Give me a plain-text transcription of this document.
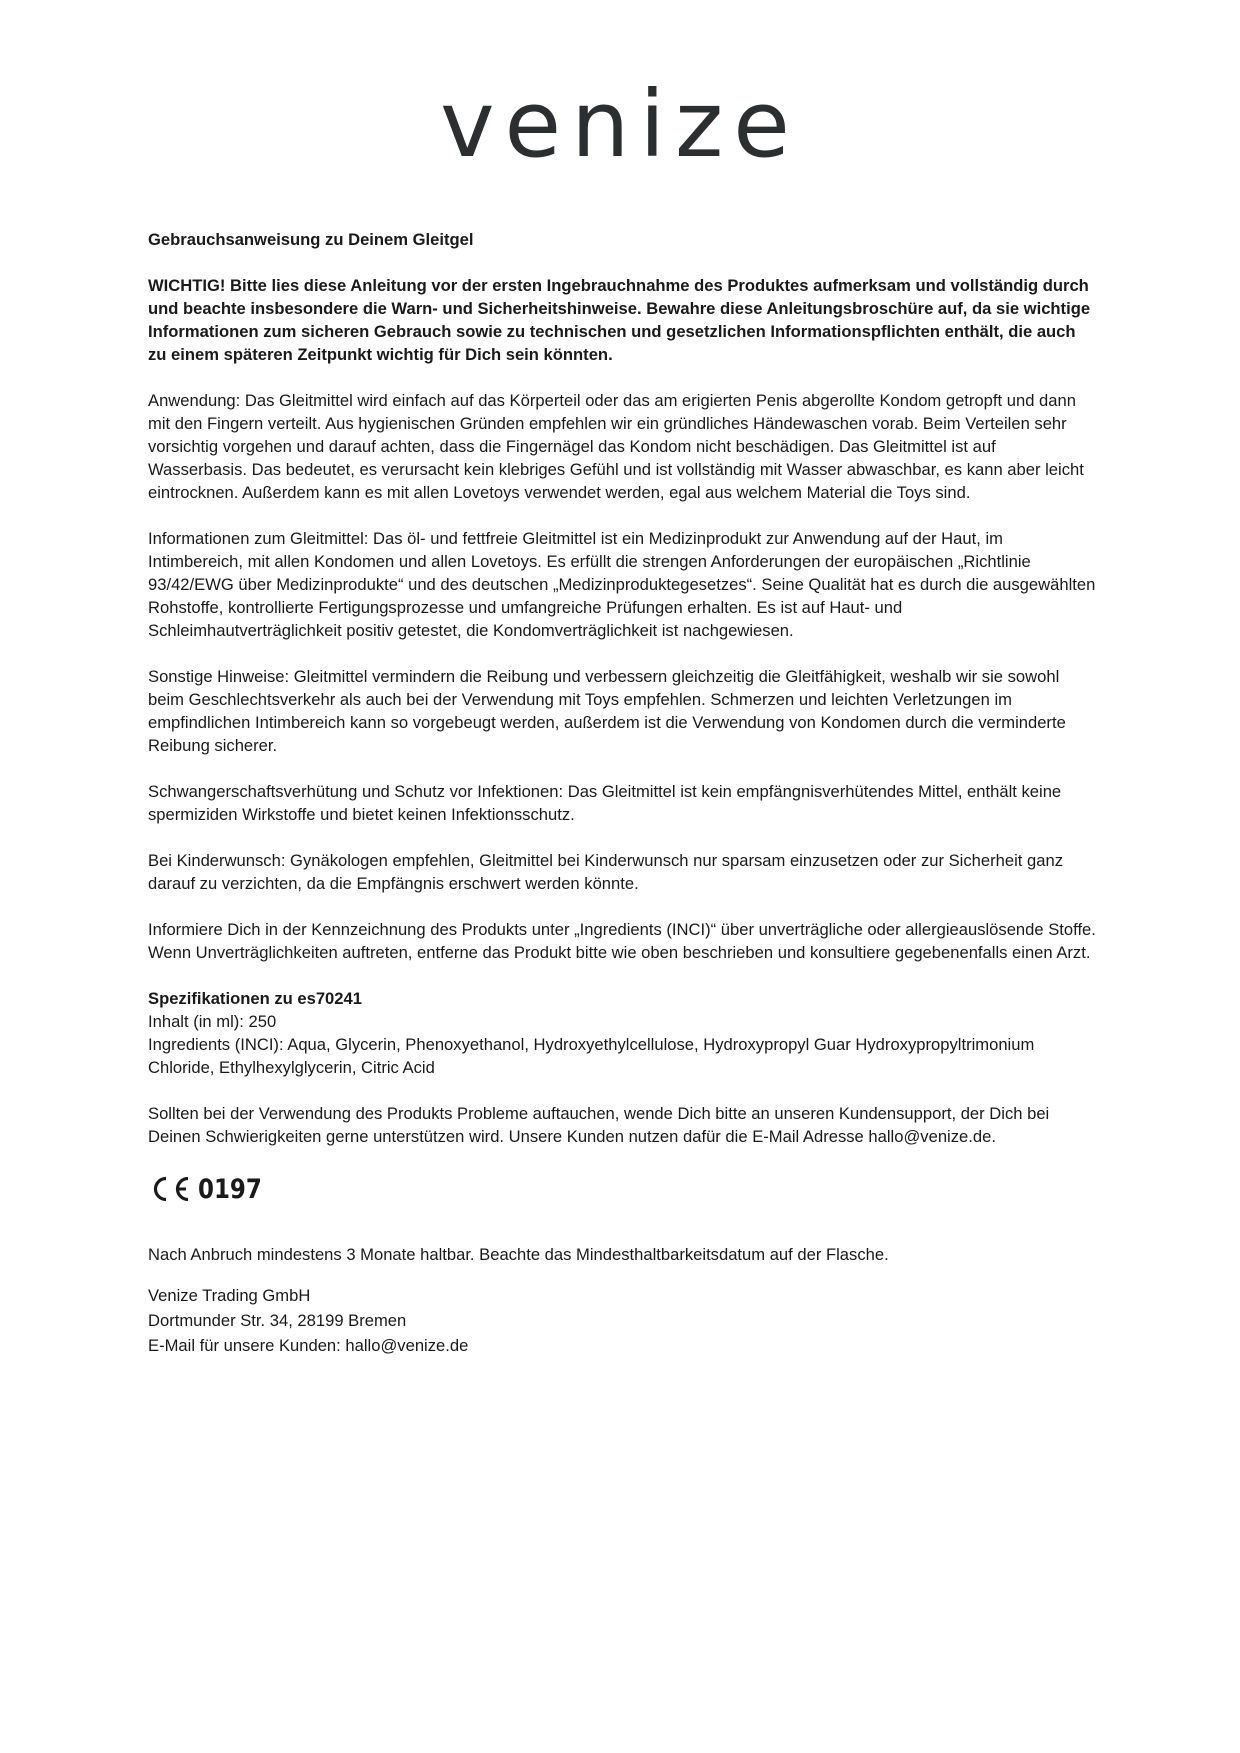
venize

Gebrauchsanweisung zu Deinem Gleitgel

WICHTIG! Bitte lies diese Anleitung vor der ersten Ingebrauchnahme des Produktes aufmerksam und vollständig durch und beachte insbesondere die Warn- und Sicherheitshinweise. Bewahre diese Anleitungsbroschüre auf, da sie wichtige Informationen zum sicheren Gebrauch sowie zu technischen und gesetzlichen Informationspflichten enthält, die auch zu einem späteren Zeitpunkt wichtig für Dich sein könnten.

Anwendung: Das Gleitmittel wird einfach auf das Körperteil oder das am erigierten Penis abgerollte Kondom getropft und dann mit den Fingern verteilt. Aus hygienischen Gründen empfehlen wir ein gründliches Händewaschen vorab. Beim Verteilen sehr vorsichtig vorgehen und darauf achten, dass die Fingernägel das Kondom nicht beschädigen. Das Gleitmittel ist auf Wasserbasis. Das bedeutet, es verursacht kein klebriges Gefühl und ist vollständig mit Wasser abwaschbar, es kann aber leicht eintrocknen. Außerdem kann es mit allen Lovetoys verwendet werden, egal aus welchem Material die Toys sind.

Informationen zum Gleitmittel: Das öl- und fettfreie Gleitmittel ist ein Medizinprodukt zur Anwendung auf der Haut, im Intimbereich, mit allen Kondomen und allen Lovetoys. Es erfüllt die strengen Anforderungen der europäischen „Richtlinie 93/42/EWG über Medizinprodukte“ und des deutschen „Medizinproduktegesetzes“. Seine Qualität hat es durch die ausgewählten Rohstoffe, kontrollierte Fertigungsprozesse und umfangreiche Prüfungen erhalten. Es ist auf Haut- und Schleimhautverträglichkeit positiv getestet, die Kondomverträglichkeit ist nachgewiesen.

Sonstige Hinweise: Gleitmittel vermindern die Reibung und verbessern gleichzeitig die Gleitfähigkeit, weshalb wir sie sowohl beim Geschlechtsverkehr als auch bei der Verwendung mit Toys empfehlen. Schmerzen und leichten Verletzungen im empfindlichen Intimbereich kann so vorgebeugt werden, außerdem ist die Verwendung von Kondomen durch die verminderte Reibung sicherer.

Schwangerschaftsverhütung und Schutz vor Infektionen: Das Gleitmittel ist kein empfängnisverhütendes Mittel, enthält keine spermiziden Wirkstoffe und bietet keinen Infektionsschutz.

Bei Kinderwunsch: Gynäkologen empfehlen, Gleitmittel bei Kinderwunsch nur sparsam einzusetzen oder zur Sicherheit ganz darauf zu verzichten, da die Empfängnis erschwert werden könnte.

Informiere Dich in der Kennzeichnung des Produkts unter „Ingredients (INCI)“ über unverträgliche oder allergieauslösende Stoffe. Wenn Unverträglichkeiten auftreten, entferne das Produkt bitte wie oben beschrieben und konsultiere gegebenenfalls einen Arzt.

Spezifikationen zu es70241
Inhalt (in ml): 250
Ingredients (INCI): Aqua, Glycerin, Phenoxyethanol, Hydroxyethylcellulose, Hydroxypropyl Guar Hydroxypropyltrimonium Chloride, Ethylhexylglycerin, Citric Acid

Sollten bei der Verwendung des Produkts Probleme auftauchen, wende Dich bitte an unseren Kundensupport, der Dich bei Deinen Schwierigkeiten gerne unterstützen wird. Unsere Kunden nutzen dafür die E-Mail Adresse hallo@venize.de.

0197

Nach Anbruch mindestens 3 Monate haltbar. Beachte das Mindesthaltbarkeitsdatum auf der Flasche.

Venize Trading GmbH

Dortmunder Str. 34, 28199 Bremen

E-Mail für unsere Kunden: hallo@venize.de
